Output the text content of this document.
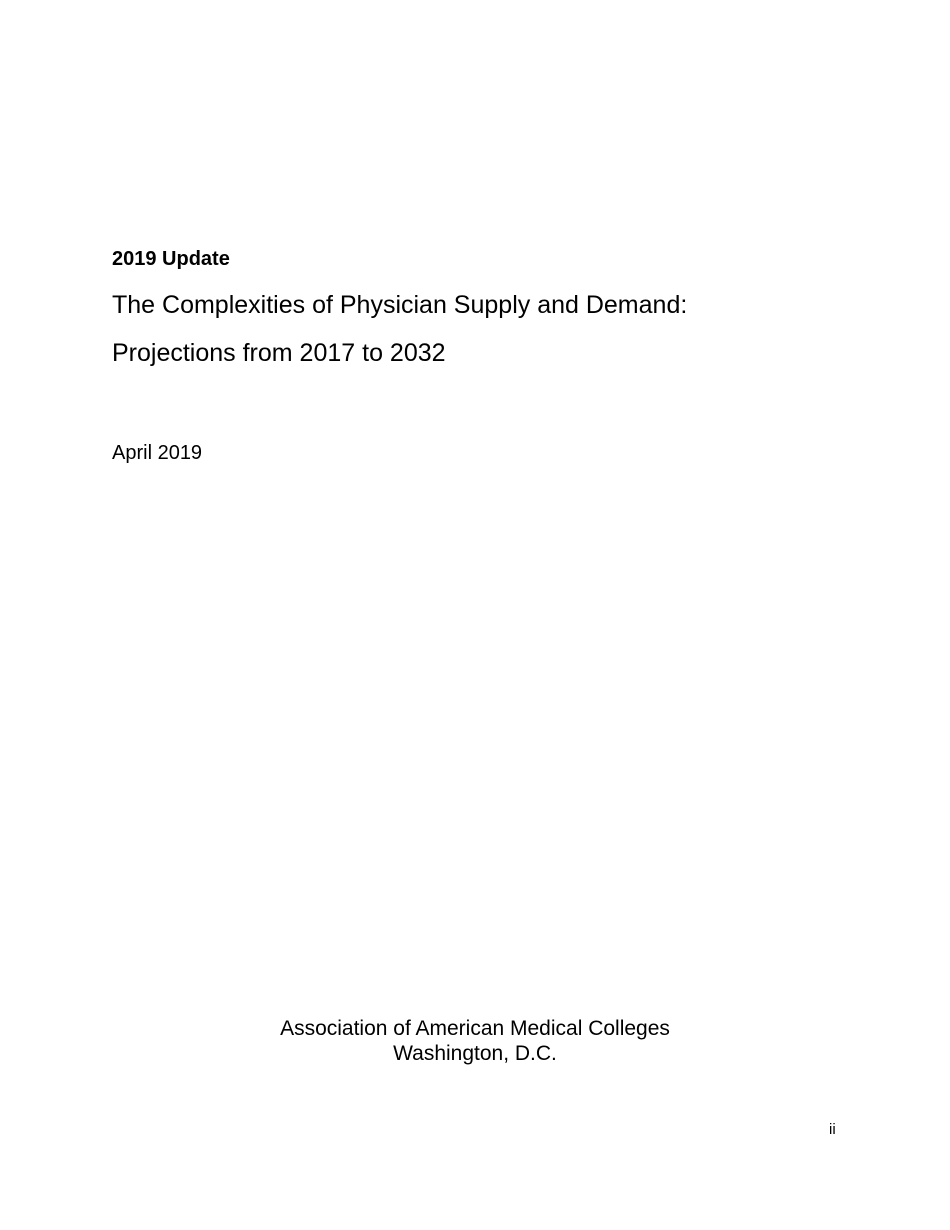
2019 Update
The Complexities of Physician Supply and Demand:
Projections from 2017 to 2032
April 2019
Association of American Medical Colleges
Washington, D.C.
ii
